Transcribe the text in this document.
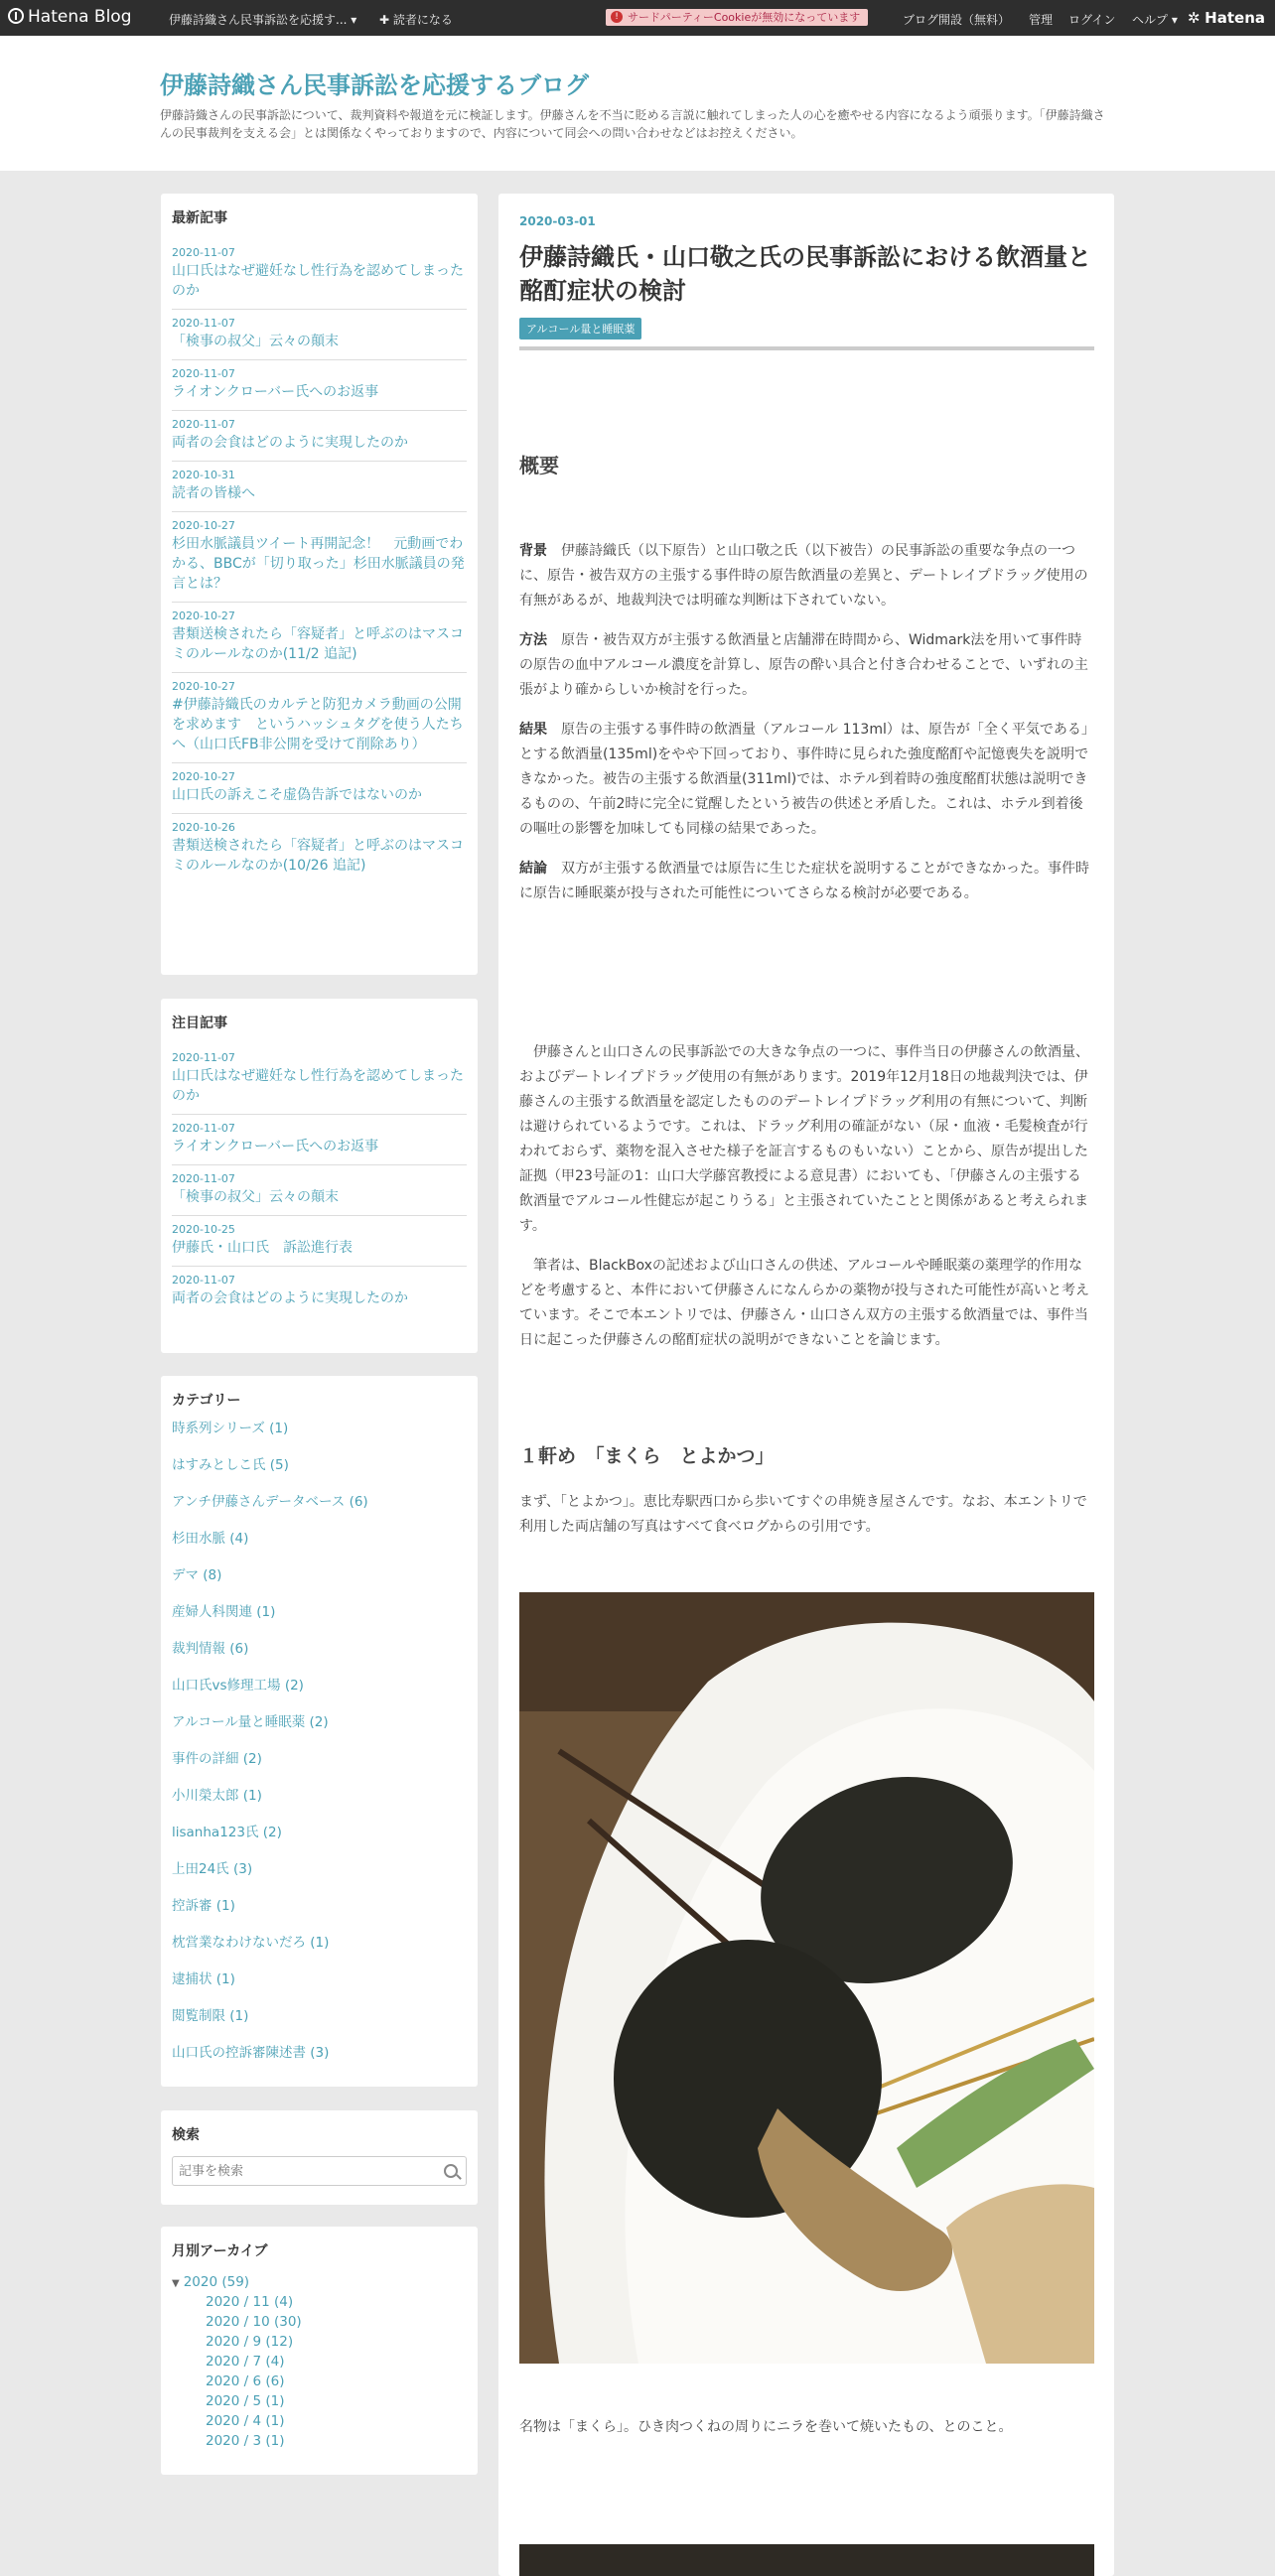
Hatena Blog	伊藤詩織さん民事訴訟を応援す... ▾ ✚ 読者になる	! サードパーティーCookieが無効になっています	ブログ開設（無料） 管理 ログイン ヘルプ ▾ ✲ Hatena
伊藤詩織さん民事訴訟を応援するブログ
伊藤詩織さんの民事訴訟について、裁判資料や報道を元に検証します。伊藤さんを不当に貶める言説に触れてしまった人の心を癒やせる内容になるよう頑張ります。「伊藤詩織さんの民事裁判を支える会」とは関係なくやっておりますので、内容について同会への問い合わせなどはお控えください。
最新記事
2020-11-07
山口氏はなぜ避妊なし性行為を認めてしまったのか
2020-11-07
「検事の叔父」云々の顛末
2020-11-07
ライオンクローバー氏へのお返事
2020-11-07
両者の会食はどのように実現したのか
2020-10-31
読者の皆様へ
2020-10-27
杉田水脈議員ツイート再開記念！　元動画でわかる、BBCが「切り取った」杉田水脈議員の発言とは？
2020-10-27
書類送検されたら「容疑者」と呼ぶのはマスコミのルールなのか(11/2 追記)
2020-10-27
#伊藤詩織氏のカルテと防犯カメラ動画の公開を求めます　というハッシュタグを使う人たちへ（山口氏FB非公開を受けて削除あり）
2020-10-27
山口氏の訴えこそ虚偽告訴ではないのか
2020-10-26
書類送検されたら「容疑者」と呼ぶのはマスコミのルールなのか(10/26 追記)
注目記事
2020-11-07
山口氏はなぜ避妊なし性行為を認めてしまったのか
2020-11-07
ライオンクローバー氏へのお返事
2020-11-07
「検事の叔父」云々の顛末
2020-10-25
伊藤氏・山口氏　訴訟進行表
2020-11-07
両者の会食はどのように実現したのか
カテゴリー
時系列シリーズ (1)
はすみとしこ氏 (5)
アンチ伊藤さんデータベース (6)
杉田水脈 (4)
デマ (8)
産婦人科関連 (1)
裁判情報 (6)
山口氏vs修理工場 (2)
アルコール量と睡眠薬 (2)
事件の詳細 (2)
小川榮太郎 (1)
lisanha123氏 (2)
上田24氏 (3)
控訴審 (1)
枕営業なわけないだろ (1)
逮捕状 (1)
閲覧制限 (1)
山口氏の控訴審陳述書 (3)
検索
記事を検索
月別アーカイブ
▼ 2020 (59)
2020 / 11 (4)
2020 / 10 (30)
2020 / 9 (12)
2020 / 7 (4)
2020 / 6 (6)
2020 / 5 (1)
2020 / 4 (1)
2020 / 3 (1)
2020-03-01
伊藤詩織氏・山口敬之氏の民事訴訟における飲酒量と酩酊症状の検討
アルコール量と睡眠薬
概要

背景　 伊藤詩織氏（以下原告）と山口敬之氏（以下被告）の民事訴訟の重要な争点の一つに、原告・被告双方の主張する事件時の原告飲酒量の差異と、デートレイプドラッグ使用の有無があるが、地裁判決では明確な判断は下されていない。

方法　 原告・被告双方が主張する飲酒量と店舗滞在時間から、Widmark法を用いて事件時の原告の血中アルコール濃度を計算し、原告の酔い具合と付き合わせることで、いずれの主張がより確からしいか検討を行った。

結果　 原告の主張する事件時の飲酒量（アルコール 113ml）は、原告が「全く平気である」とする飲酒量(135ml)をやや下回っており、事件時に見られた強度酩酊や記憶喪失を説明できなかった。被告の主張する飲酒量(311ml)では、ホテル到着時の強度酩酊状態は説明できるものの、午前2時に完全に覚醒したという被告の供述と矛盾した。これは、ホテル到着後の嘔吐の影響を加味しても同様の結果であった。

結論　 双方が主張する飲酒量では原告に生じた症状を説明することができなかった。事件時に原告に睡眠薬が投与された可能性についてさらなる検討が必要である。

伊藤さんと山口さんの民事訴訟での大きな争点の一つに、事件当日の伊藤さんの飲酒量、およびデートレイプドラッグ使用の有無があります。2019年12月18日の地裁判決では、伊藤さんの主張する飲酒量を認定したもののデートレイプドラッグ利用の有無について、判断は避けられているようです。これは、ドラッグ利用の確証がない（尿・血液・毛髪検査が行われておらず、薬物を混入させた様子を証言するものもいない）ことから、原告が提出した証拠（甲23号証の1：山口大学藤宮教授による意見書）においても、「伊藤さんの主張する飲酒量でアルコール性健忘が起こりうる」と主張されていたことと関係があると考えられます。

筆者は、BlackBoxの記述および山口さんの供述、アルコールや睡眠薬の薬理学的作用などを考慮すると、本件において伊藤さんになんらかの薬物が投与された可能性が高いと考えています。そこで本エントリでは、伊藤さん・山口さん双方の主張する飲酒量では、事件当日に起こった伊藤さんの酩酊症状の説明ができないことを論じます。

１軒め　「まくら　とよかつ」

まず、「とよかつ」。恵比寿駅西口から歩いてすぐの串焼き屋さんです。なお、本エントリで利用した両店舗の写真はすべて食べログからの引用です。

名物は「まくら」。ひき肉つくねの周りにニラを巻いて焼いたもの、とのこと。
